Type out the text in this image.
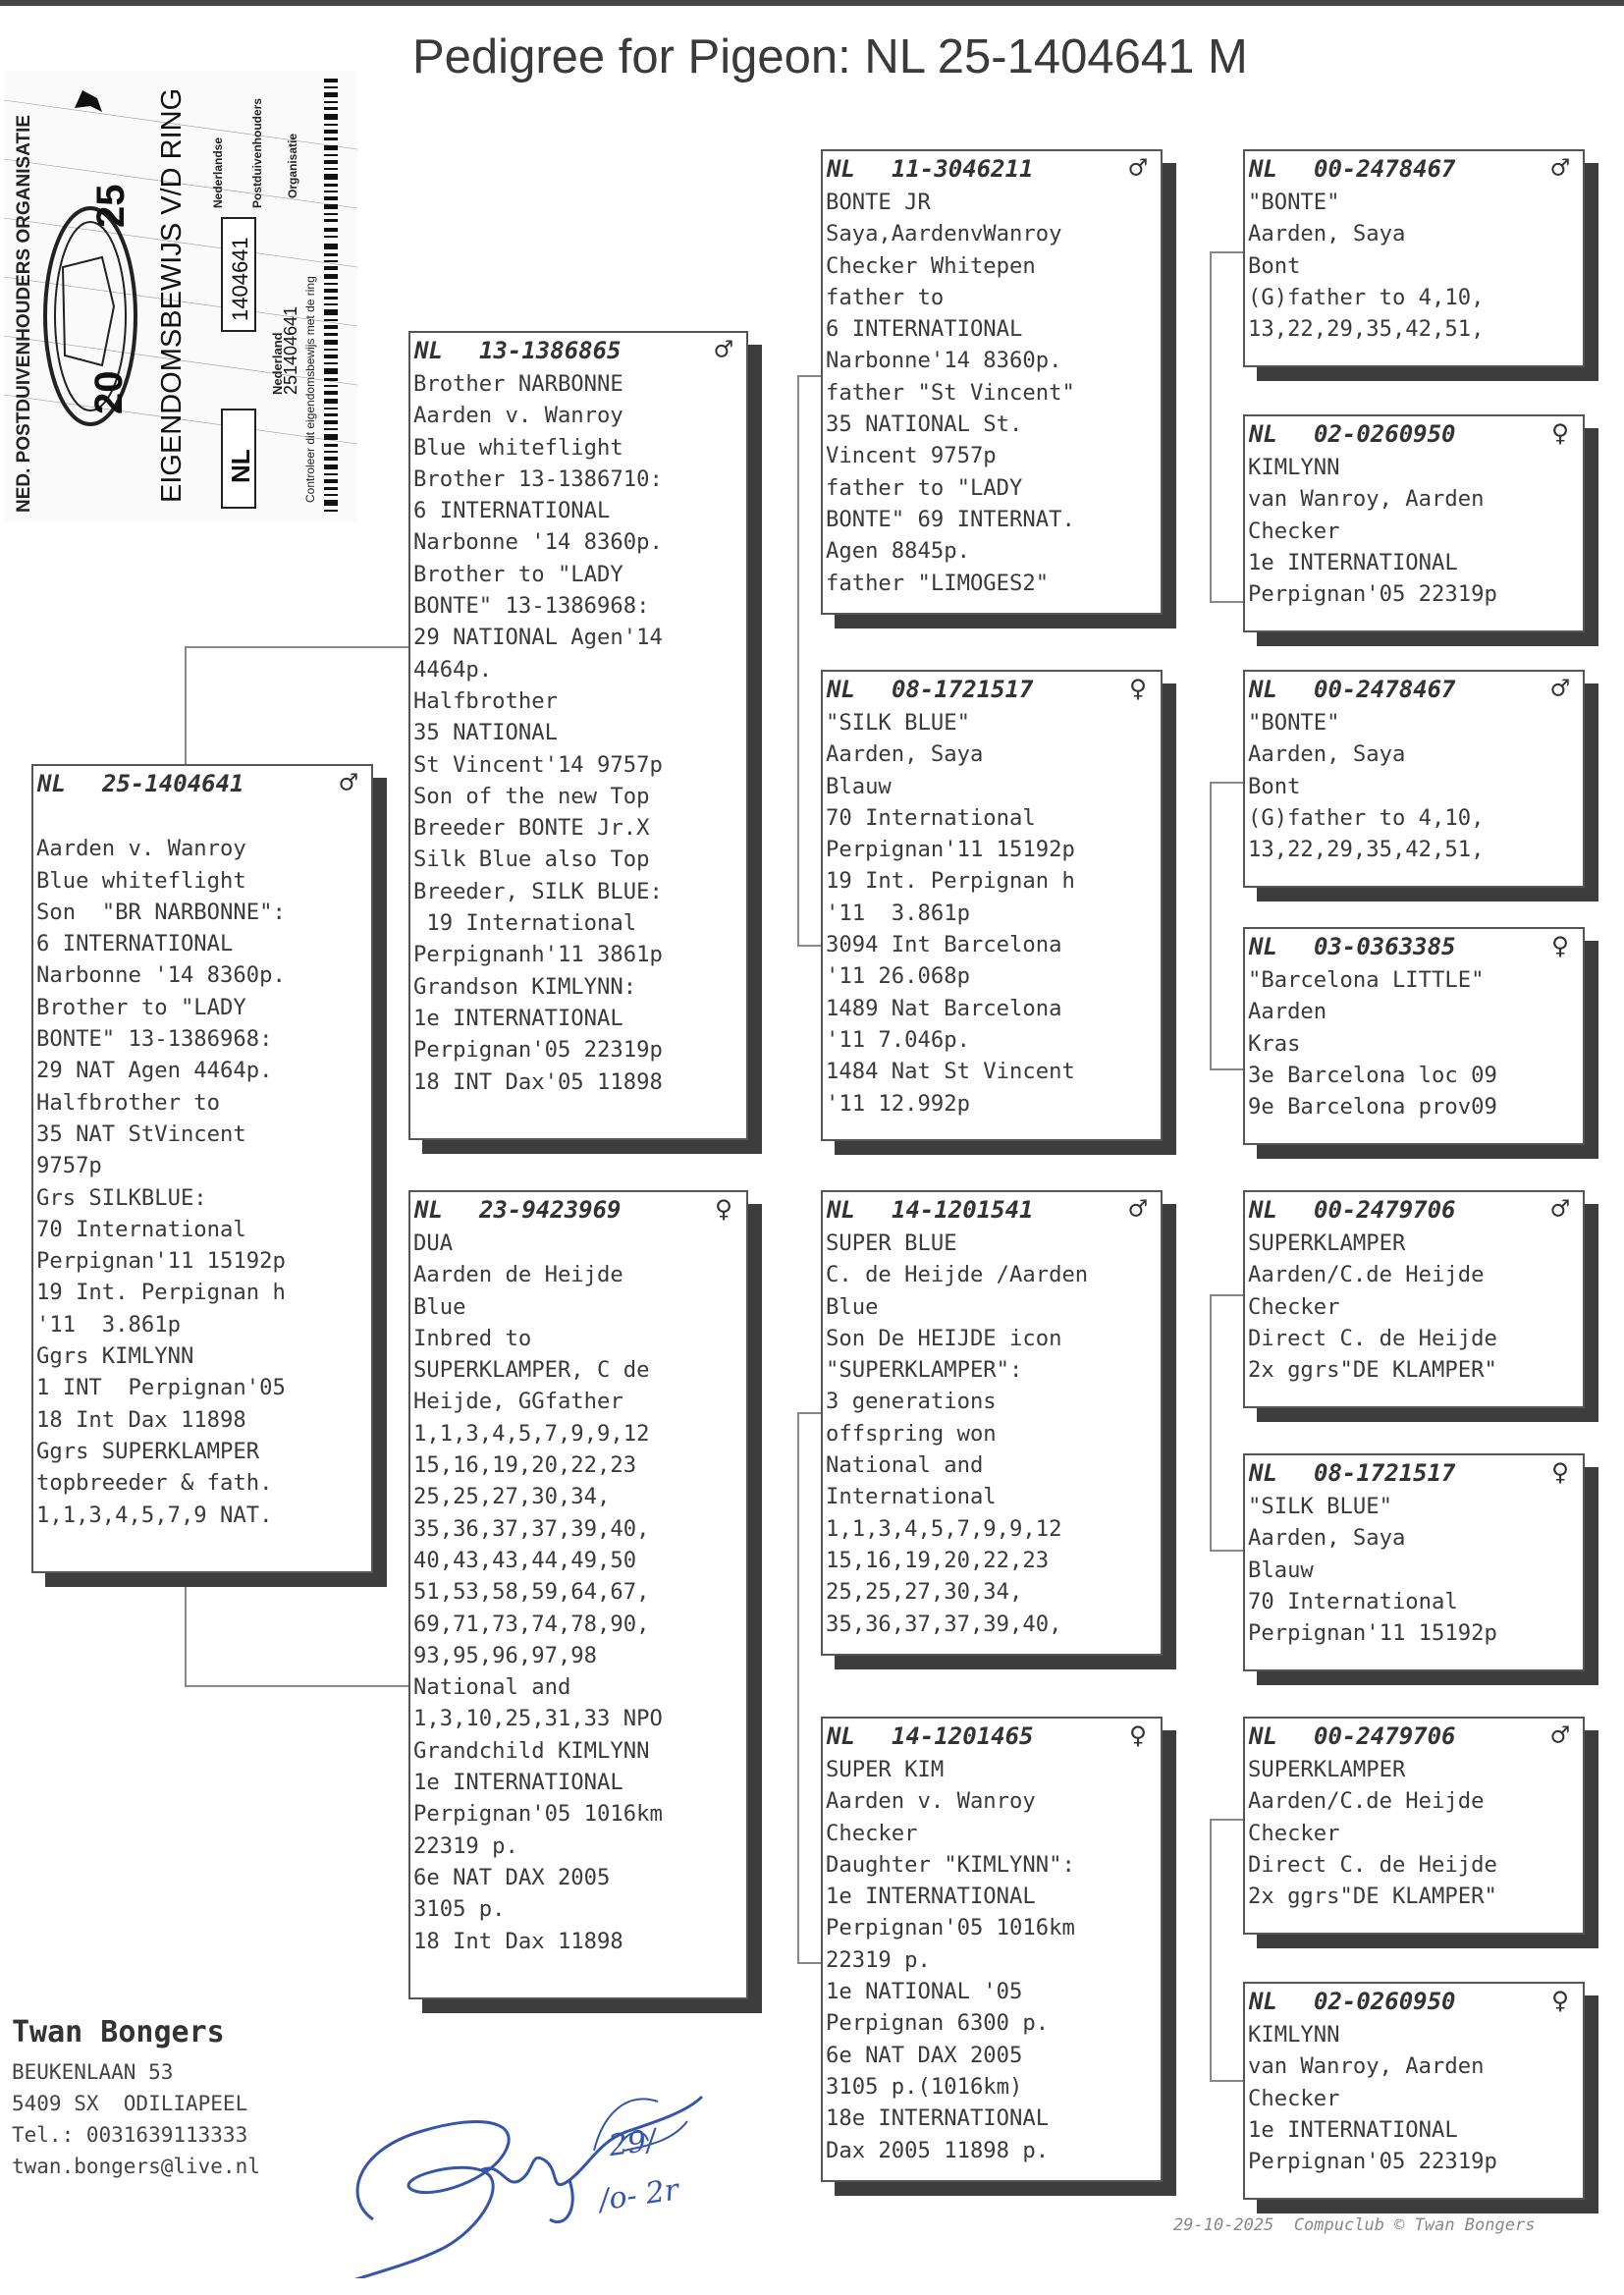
Pedigree for Pigeon: NL 25-1404641 M
NED. POSTDUIVENHOUDERS ORGANISATIE 20
25 EIGENDOMSBEWIJS V/D RING 1404641
NL
Nederland
Nederlandse Postduivenhouders Organisatie
Controleer dit eigendomsbewijs met de ring
251404641
NL 25-1404641	♂
Aarden v. Wanroy
Blue whiteflight
Son  "BR NARBONNE":
6 INTERNATIONAL
Narbonne '14 8360p.
Brother to "LADY
BONTE" 13-1386968:
29 NAT Agen 4464p.
Halfbrother to
35 NAT StVincent
9757p
Grs SILKBLUE:
70 International
Perpignan'11 15192p
19 Int. Perpignan h
'11  3.861p
Ggrs KIMLYNN
1 INT  Perpignan'05
18 Int Dax 11898
Ggrs SUPERKLAMPER
topbreeder & fath.
1,1,3,4,5,7,9 NAT.
NL 13-1386865	♂
Brother NARBONNE
Aarden v. Wanroy
Blue whiteflight
Brother 13-1386710:
6 INTERNATIONAL
Narbonne '14 8360p.
Brother to "LADY
BONTE" 13-1386968:
29 NATIONAL Agen'14
4464p.
Halfbrother
35 NATIONAL
St Vincent'14 9757p
Son of the new Top
Breeder BONTE Jr.X
Silk Blue also Top
Breeder, SILK BLUE:
19 International
Perpignanh'11 3861p
Grandson KIMLYNN:
1e INTERNATIONAL
Perpignan'05 22319p
18 INT Dax'05 11898
NL 23-9423969	♀
DUA
Aarden de Heijde
Blue
Inbred to
SUPERKLAMPER, C de
Heijde, GGfather
1,1,3,4,5,7,9,9,12
15,16,19,20,22,23
25,25,27,30,34,
35,36,37,37,39,40,
40,43,43,44,49,50
51,53,58,59,64,67,
69,71,73,74,78,90,
93,95,96,97,98
National and
1,3,10,25,31,33 NPO
Grandchild KIMLYNN
1e INTERNATIONAL
Perpignan'05 1016km
22319 p.
6e NAT DAX 2005
3105 p.
18 Int Dax 11898
NL 11-3046211	♂
BONTE JR
Saya,AardenvWanroy
Checker Whitepen
father to
6 INTERNATIONAL
Narbonne'14 8360p.
father "St Vincent"
35 NATIONAL St.
Vincent 9757p
father to "LADY
BONTE" 69 INTERNAT.
Agen 8845p.
father "LIMOGES2"
NL 08-1721517	♀
"SILK BLUE"
Aarden, Saya
Blauw
70 International
Perpignan'11 15192p
19 Int. Perpignan h
'11  3.861p
3094 Int Barcelona
'11 26.068p
1489 Nat Barcelona
'11 7.046p.
1484 Nat St Vincent
'11 12.992p
NL 14-1201541	♂
SUPER BLUE
C. de Heijde /Aarden
Blue
Son De HEIJDE icon
"SUPERKLAMPER":
3 generations
offspring won
National and
International
1,1,3,4,5,7,9,9,12
15,16,19,20,22,23
25,25,27,30,34,
35,36,37,37,39,40,
NL 14-1201465	♀
SUPER KIM
Aarden v. Wanroy
Checker
Daughter "KIMLYNN":
1e INTERNATIONAL
Perpignan'05 1016km
22319 p.
1e NATIONAL '05
Perpignan 6300 p.
6e NAT DAX 2005
3105 p.(1016km)
18e INTERNATIONAL
Dax 2005 11898 p.
NL 00-2478467	♂
"BONTE"
Aarden, Saya
Bont
(G)father to 4,10,
13,22,29,35,42,51,
NL 02-0260950	♀
KIMLYNN
van Wanroy, Aarden
Checker
1e INTERNATIONAL
Perpignan'05 22319p
NL 00-2478467	♂
"BONTE"
Aarden, Saya
Bont
(G)father to 4,10,
13,22,29,35,42,51,
NL 03-0363385	♀
"Barcelona LITTLE"
Aarden
Kras
3e Barcelona loc 09
9e Barcelona prov09
NL 00-2479706	♂
SUPERKLAMPER
Aarden/C.de Heijde
Checker
Direct C. de Heijde
2x ggrs"DE KLAMPER"
NL 08-1721517	♀
"SILK BLUE"
Aarden, Saya
Blauw
70 International
Perpignan'11 15192p
NL 00-2479706	♂
SUPERKLAMPER
Aarden/C.de Heijde
Checker
Direct C. de Heijde
2x ggrs"DE KLAMPER"
NL 02-0260950	♀
KIMLYNN
van Wanroy, Aarden
Checker
1e INTERNATIONAL
Perpignan'05 22319p
Twan Bongers
BEUKENLAAN 53
5409 SX  ODILIAPEEL
Tel.: 0031639113333
twan.bongers@live.nl
29/
/o- 2r
29-10-2025  Compuclub © Twan Bongers
